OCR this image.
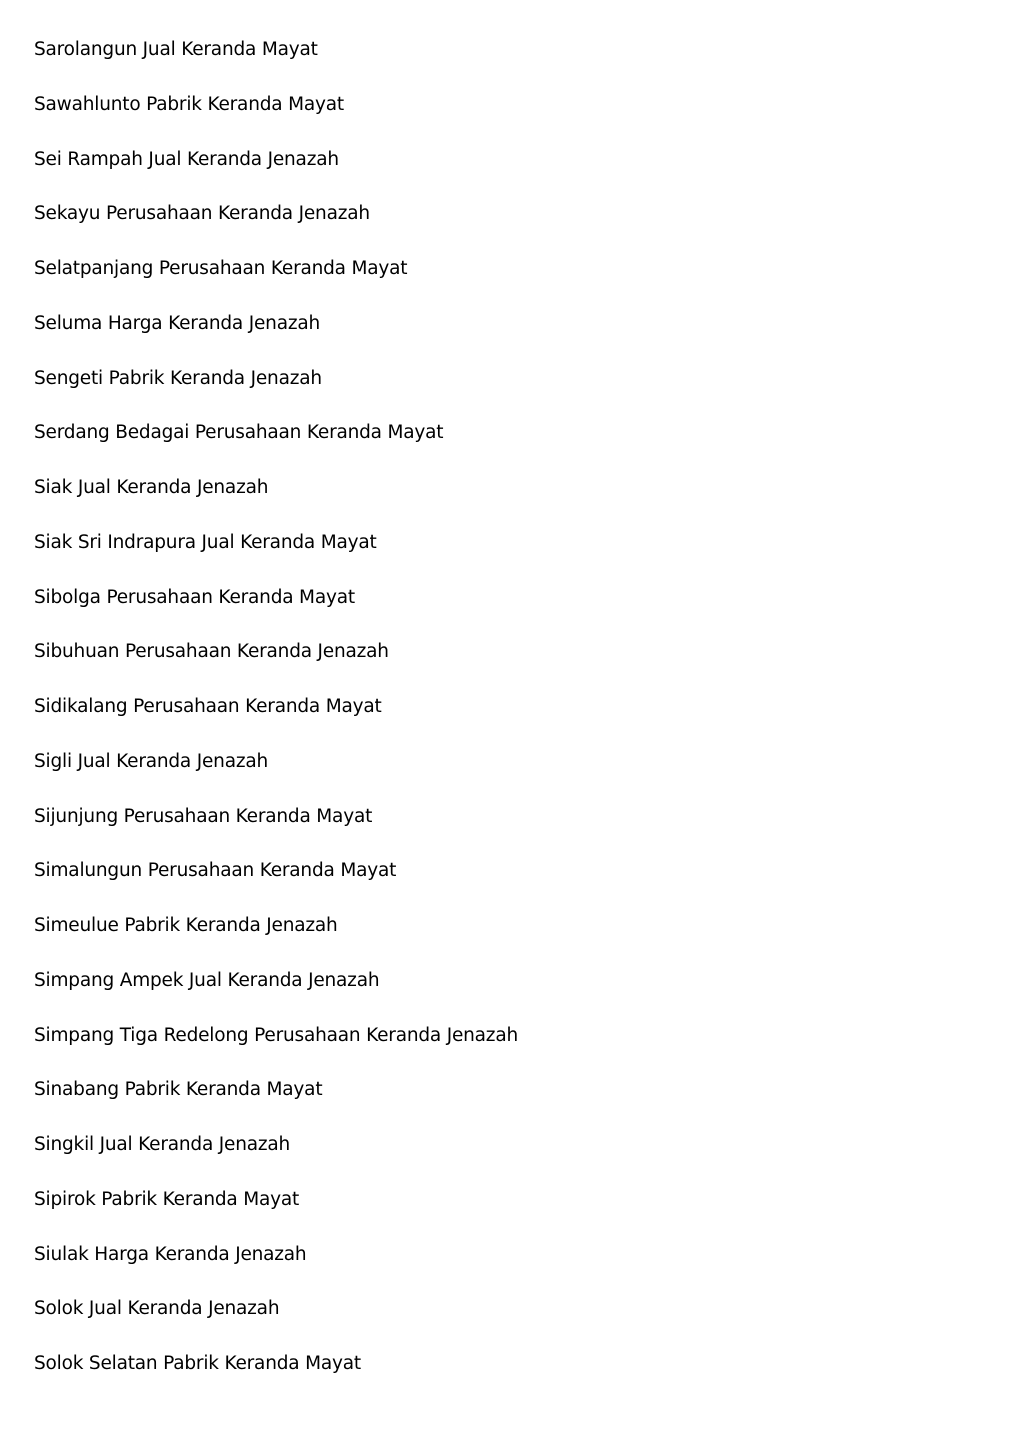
Sarolangun Jual Keranda Mayat
Sawahlunto Pabrik Keranda Mayat
Sei Rampah Jual Keranda Jenazah
Sekayu Perusahaan Keranda Jenazah
Selatpanjang Perusahaan Keranda Mayat
Seluma Harga Keranda Jenazah
Sengeti Pabrik Keranda Jenazah
Serdang Bedagai Perusahaan Keranda Mayat
Siak Jual Keranda Jenazah
Siak Sri Indrapura Jual Keranda Mayat
Sibolga Perusahaan Keranda Mayat
Sibuhuan Perusahaan Keranda Jenazah
Sidikalang Perusahaan Keranda Mayat
Sigli Jual Keranda Jenazah
Sijunjung Perusahaan Keranda Mayat
Simalungun Perusahaan Keranda Mayat
Simeulue Pabrik Keranda Jenazah
Simpang Ampek Jual Keranda Jenazah
Simpang Tiga Redelong Perusahaan Keranda Jenazah
Sinabang Pabrik Keranda Mayat
Singkil Jual Keranda Jenazah
Sipirok Pabrik Keranda Mayat
Siulak Harga Keranda Jenazah
Solok Jual Keranda Jenazah
Solok Selatan Pabrik Keranda Mayat
